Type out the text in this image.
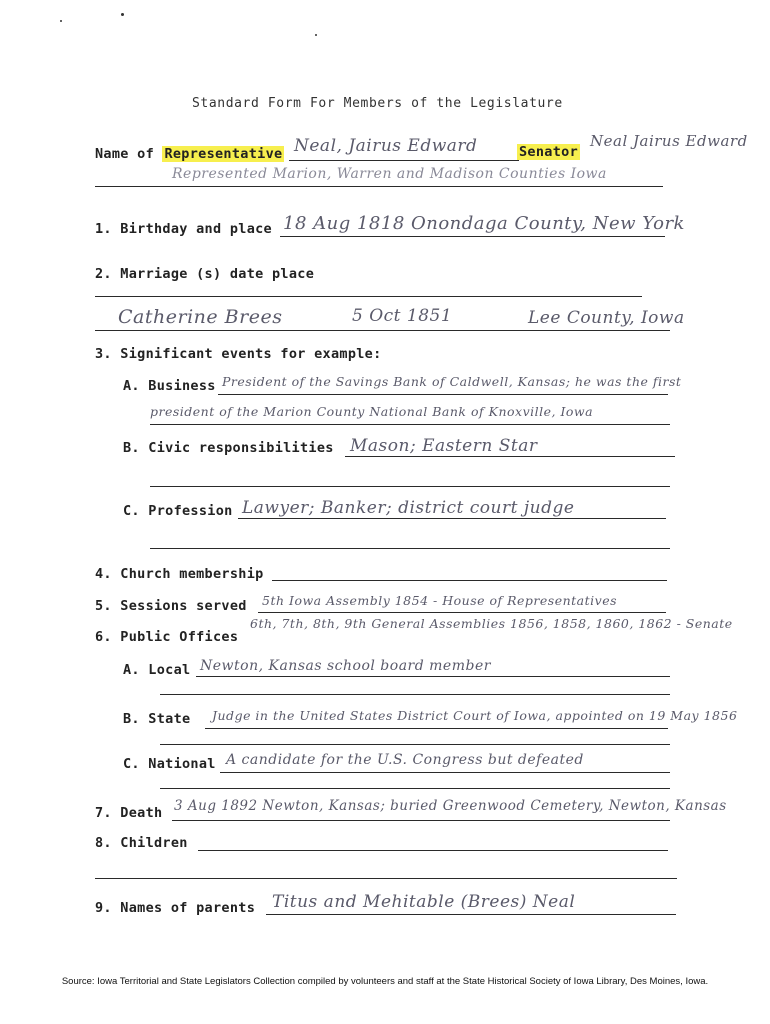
Standard Form For Members of the Legislature
Name of Representative Neal, Jairus Edward	Senator
Neal Jairus Edward
Represented Marion, Warren and Madison Counties Iowa
1. Birthday and place 18 Aug 1818 Onondaga County, New York
2. Marriage (s) date place
Catherine Brees	5 Oct 1851	Lee County, Iowa
3. Significant events for example:
A. Business President of the Savings Bank of Caldwell, Kansas; he was the first
president of the Marion County National Bank of Knoxville, Iowa
B. Civic responsibilities Mason; Eastern Star
C. Profession Lawyer; Banker; district court judge
4. Church membership
5. Sessions served 5th Iowa Assembly 1854 - House of Representatives
6th, 7th, 8th, 9th General Assemblies 1856, 1858, 1860, 1862 - Senate
6. Public Offices
A. Local Newton, Kansas school board member
B. State Judge in the United States District Court of Iowa, appointed on 19 May 1856
C. National A candidate for the U.S. Congress but defeated
7. Death 3 Aug 1892 Newton, Kansas; buried Greenwood Cemetery, Newton, Kansas
8. Children
9. Names of parents Titus and Mehitable (Brees) Neal
Source: Iowa Territorial and State Legislators Collection compiled by volunteers and staff at the State Historical Society of Iowa Library, Des Moines, Iowa.
